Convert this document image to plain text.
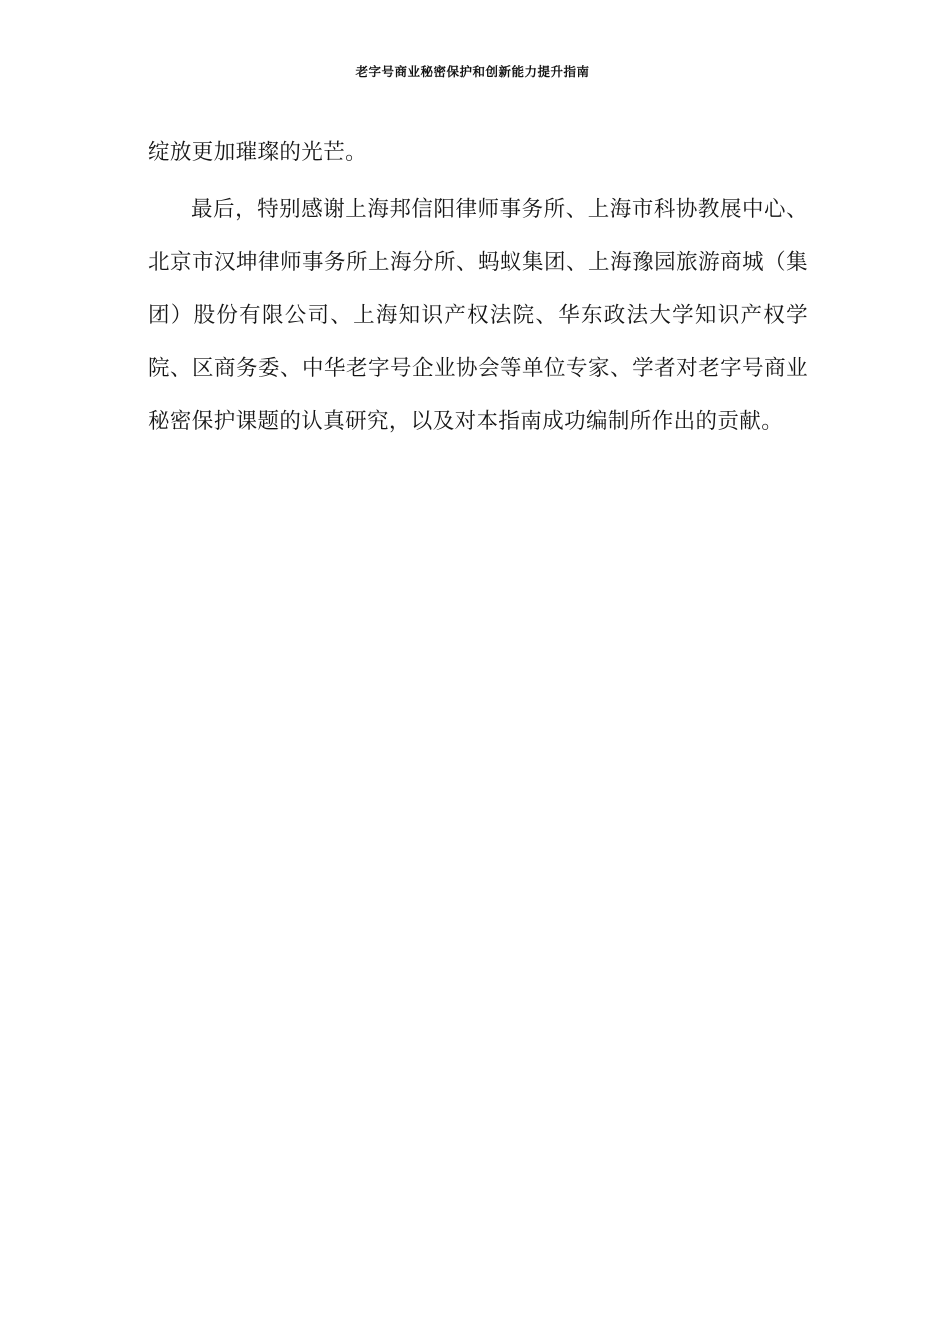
老字号商业秘密保护和创新能力提升指南

绽放更加璀璨的光芒。

最后，特别感谢上海邦信阳律师事务所、上海市科协教展中心、北京市汉坤律师事务所上海分所、蚂蚁集团、上海豫园旅游商城（集团）股份有限公司、上海知识产权法院、华东政法大学知识产权学院、区商务委、中华老字号企业协会等单位专家、学者对老字号商业秘密保护课题的认真研究，以及对本指南成功编制所作出的贡献。
